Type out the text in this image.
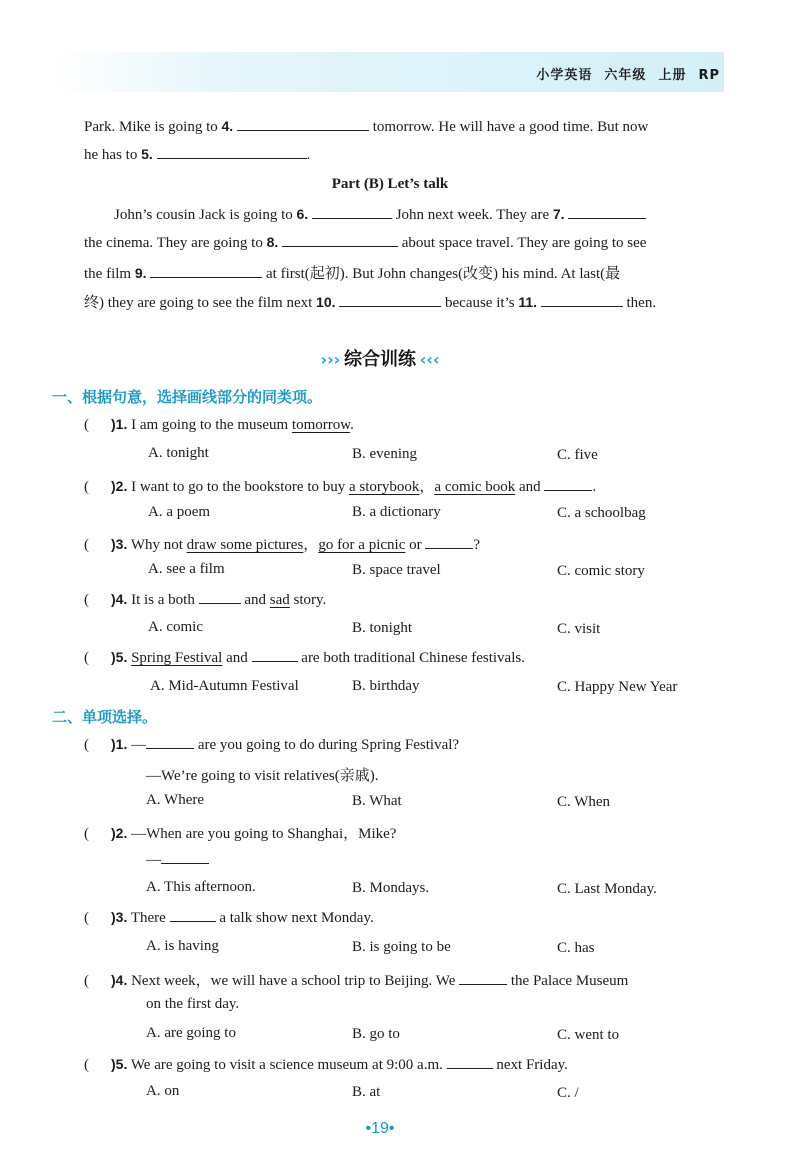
小学英语 六年级 上册 RP
Park. Mike is going to 4.	tomorrow. He will have a good time. But now
he has to 5.	.
Part (B) Let’s talk
John’s cousin Jack is going to 6.	John next week. They are 7.
the cinema. They are going to 8.	about space travel. They are going to see
the film 9.	at first(起初). But John changes(改变) his mind. At last(最
终) they are going to see the film next 10.	because it’s 11.	then.
››› 综合训练 ‹‹‹
一、根据句意，选择画线部分的同类项。
( )1. I am going to the museum tomorrow.
A. tonight	B. evening	C. five
( )2. I want to go to the bookstore to buy a storybook，a comic book and	.
A. a poem	B. a dictionary	C. a schoolbag
( )3. Why not draw some pictures，go for a picnic or	?
A. see a film	B. space travel	C. comic story
( )4. It is a both	and sad story.
A. comic	B. tonight	C. visit
( )5. Spring Festival and	are both traditional Chinese festivals.
A. Mid-Autumn Festival	B. birthday	C. Happy New Year
二、单项选择。
( )1. —	are you going to do during Spring Festival?
—We’re going to visit relatives(亲戚).
A. Where	B. What	C. When
( )2. —When are you going to Shanghai，Mike?
—
A. This afternoon.	B. Mondays.	C. Last Monday.
( )3. There	a talk show next Monday.
A. is having	B. is going to be	C. has
( )4. Next week，we will have a school trip to Beijing. We	the Palace Museum
on the first day.
A. are going to	B. go to	C. went to
( )5. We are going to visit a science museum at 9:00 a.m.	next Friday.
A. on	B. at	C. /
•19•
